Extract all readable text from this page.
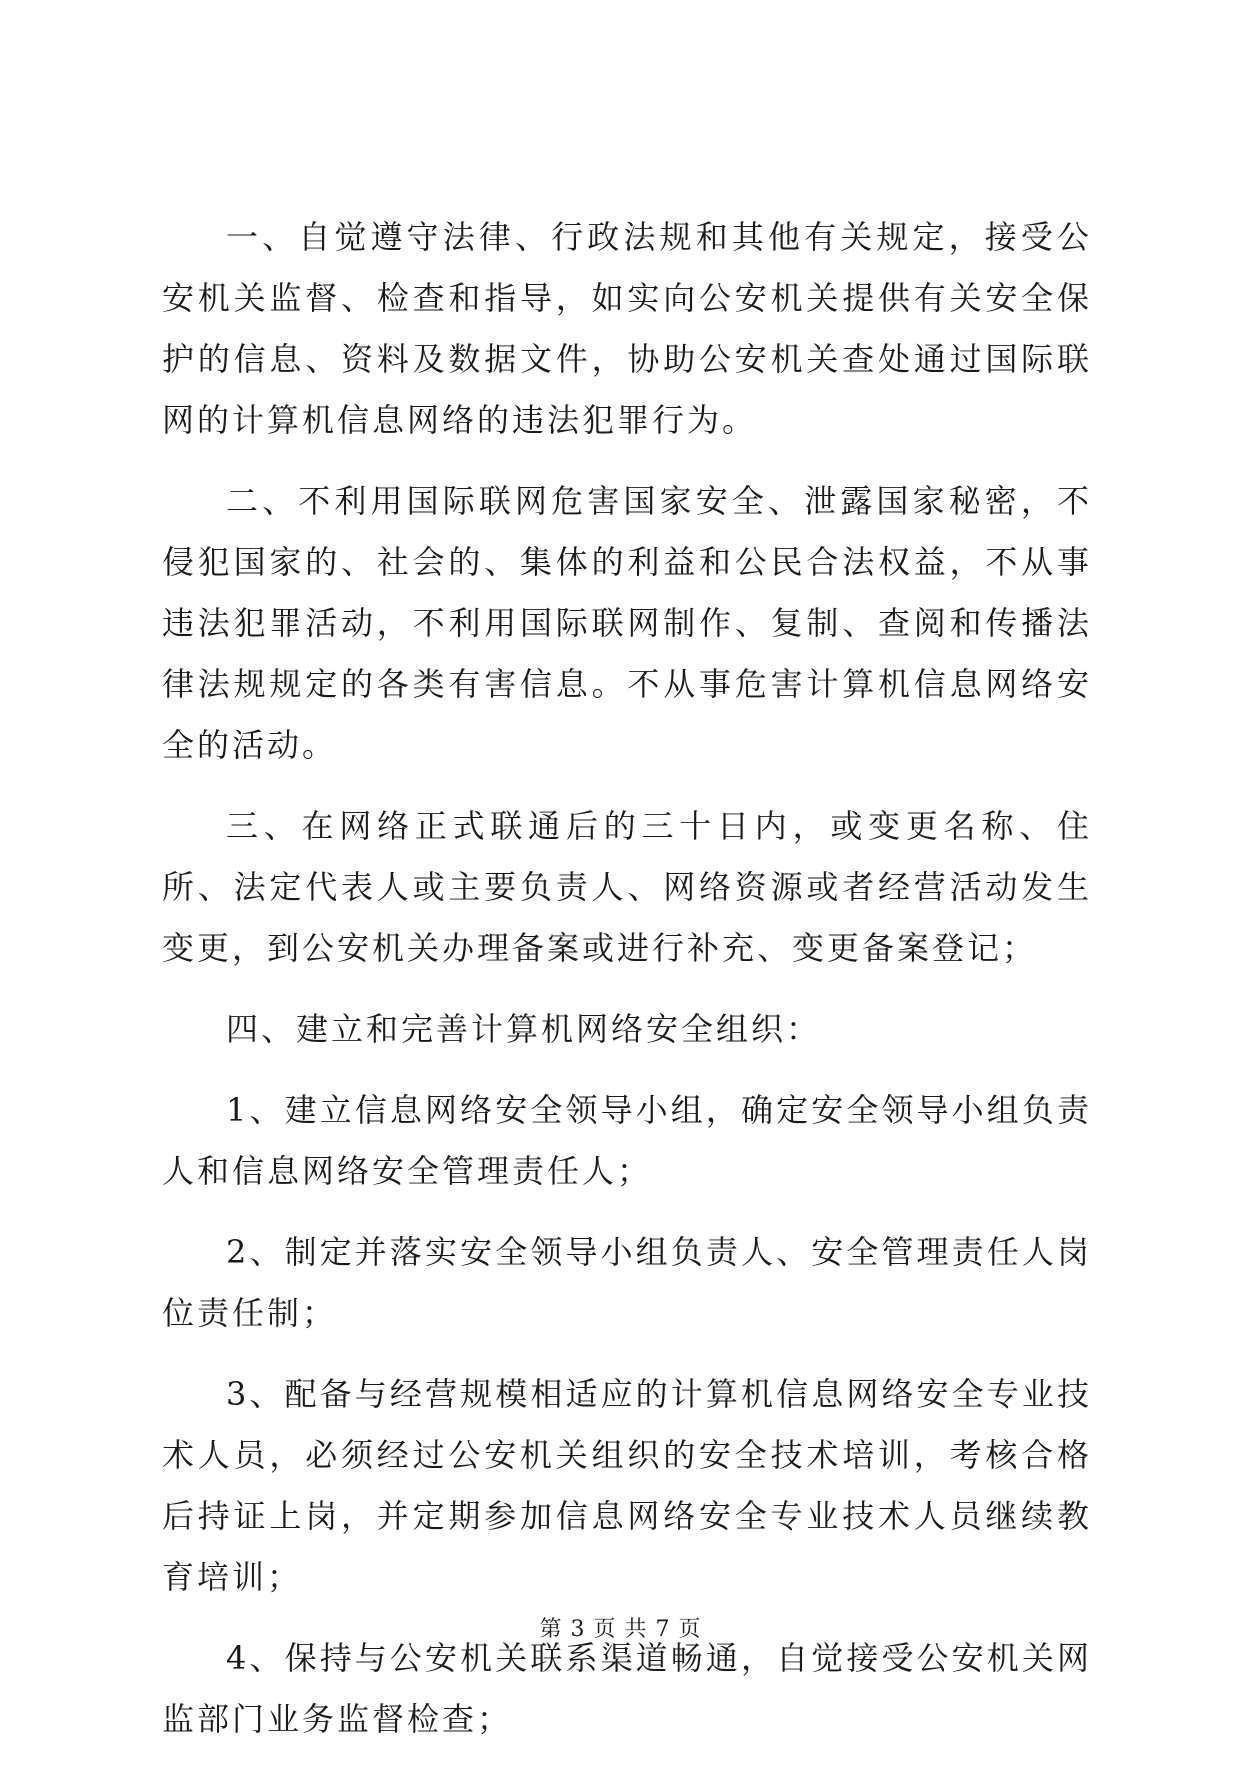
一、自觉遵守法律、行政法规和其他有关规定，接受公安机关监督、检查和指导，如实向公安机关提供有关安全保护的信息、资料及数据文件，协助公安机关查处通过国际联网的计算机信息网络的违法犯罪行为。

二、不利用国际联网危害国家安全、泄露国家秘密，不侵犯国家的、社会的、集体的利益和公民合法权益，不从事违法犯罪活动，不利用国际联网制作、复制、查阅和传播法律法规规定的各类有害信息。不从事危害计算机信息网络安全的活动。

三、在网络正式联通后的三十日内，或变更名称、住所、法定代表人或主要负责人、网络资源或者经营活动发生变更，到公安机关办理备案或进行补充、变更备案登记；

四、建立和完善计算机网络安全组织：

1、建立信息网络安全领导小组，确定安全领导小组负责人和信息网络安全管理责任人；

2、制定并落实安全领导小组负责人、安全管理责任人岗位责任制；

3、配备与经营规模相适应的计算机信息网络安全专业技术人员，必须经过公安机关组织的安全技术培训，考核合格后持证上岗，并定期参加信息网络安全专业技术人员继续教育培训；

4、保持与公安机关联系渠道畅通，自觉接受公安机关网监部门业务监督检查；

第 3 页 共 7 页
